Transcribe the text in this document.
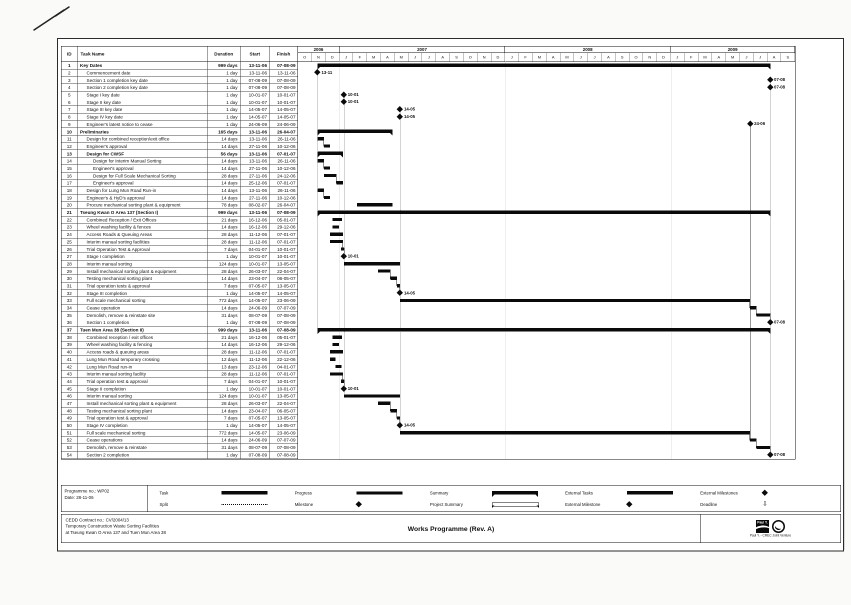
ID Task Name	Duration	Start	Finish
1	Key Dates	999 days	13-11-06	07-08-09
2	Commencement date	1 day	13-11-06	13-11-06
3	Section 1 completion key date	1 day	07-08-09	07-08-09
4	Section 2 completion key date	1 day	07-08-09	07-08-09
5	Stage I key date	1 day	10-01-07	10-01-07
6	Stage II key date	1 day	10-01-07	10-01-07
7	Stage III key date	1 day	14-05-07	14-05-07
8	Stage IV key date	1 day	14-05-07	14-05-07
9	Engineer's latest notice to cease	1 day	24-06-09	24-06-09
10 Preliminaries	165 days	13-11-06	26-04-07
11	Design for combined reception/exit office	14 days	13-11-06	26-11-06
12	Engineer's approval	14 days	27-11-06	10-12-06
13	Design for CWSF	56 days	13-11-06	07-01-07
14	Design for Interim Manual Sorting	14 days	13-11-06	26-11-06
15	Engineer's approval	14 days	27-11-06	10-12-06
16	Design for Full Scale Mechanical Sorting	28 days	27-11-06	24-12-06
17	Engineer's approval	14 days	25-12-06	07-01-07
18	Design for Lung Mun Road Run-in	14 days	13-11-06	26-11-06
19	Engineer's & HyD's approval	14 days	27-11-06	10-12-06
20	Procure mechanical sorting plant & equipment	78 days	08-02-07	26-04-07
21 Tseung Kwan O Area 137 (Section I)	999 days	13-11-06	07-08-09
22	Combined Reception / Exit Offices	21 days	16-12-06	05-01-07
23	Wheel washing facility & fences	14 days	16-12-06	29-12-06
24	Access Roads & Queuing Areas	28 days	11-12-06	07-01-07
25	Interim manual sorting facilities	28 days	11-12-06	07-01-07
26	Trial Operation Test & Approval	7 days	04-01-07	10-01-07
27	Stage I completion	1 day	10-01-07	10-01-07
28	Interim manual sorting	124 days	10-01-07	13-05-07
29	Install mechanical sorting plant & equipment	28 days	26-03-07	22-04-07
30	Testing mechanical sorting plant	14 days	23-04-07	06-05-07
31	Trial operation tests & approval	7 days	07-05-07	13-05-07
32	Stage III completion	1 day	14-05-07	14-05-07
33	Full scale mechanical sorting	772 days	14-05-07	23-06-09
34	Cease operation	14 days	24-06-09	07-07-09
35	Demolish, remove & reinstate site	31 days	08-07-09	07-08-09
36	Section 1 completion	1 day	07-08-09	07-08-09
37 Tuen Mun Area 38 (Section II)	999 days	13-11-06	07-08-09
38	Combined reception / exit offices	21 days	16-12-06	05-01-07
39	Wheel washing facility & fencing	14 days	16-12-06	29-12-06
40	Access roads & queuing areas	28 days	11-12-06	07-01-07
41	Lung Mun Road temporary crossing	12 days	11-12-06	22-12-06
42	Lung Mun Road run-in	13 days	23-12-06	04-01-07
43	Interim manual sorting facility	28 days	11-12-06	07-01-07
44	Trial operation test & approval	7 days	04-01-07	10-01-07
45	Stage II completion	1 day	10-01-07	10-01-07
46	Interim manual sorting	124 days	10-01-07	13-05-07
47	Install mechanical sorting plant & equipment	28 days	26-03-07	22-04-07
48	Testing mechanical sorting plant	14 days	23-04-07	06-05-07
49	Trial operation test & approval	7 days	07-05-07	13-05-07
50	Stage IV completion	1 day	14-05-07	14-05-07
51	Full scale mechanical sorting	772 days	14-05-07	23-06-09
52	Cease operations	14 days	24-06-09	07-07-09
53	Demolish, remove & reinstate	31 days	08-07-09	07-08-09
54	Section 2 completion	1 day	07-08-09	07-08-09
2006
O	N	D
2007
J	F	M	A	M	J	J	A	S	O	N	D
2008
J	F	M	A	M	J	J	A	S	O	N	D
2009
J	F	M	A	M	J	J	A	S
13-11
07-08
07-08
10-01
10-01
14-05
14-05
24-06
10-01
14-05
07-08
10-01
14-05
07-08
Programme no.: WP02
Date: 28-11-06
Task
Split
Progress
Milestone
Summary
Project Summary
External Tasks
External Milestone
External Milestones
Deadline	⇩
CEDD Contract no.: CV/2004/13
Temporary Construction Waste Sorting Facilities
at Tseung Kwan O Area 137 and Tuen Mun Area 38
Works Programme (Rev. A)
Paul Y.
Paul Y. - CREC Joint Venture
